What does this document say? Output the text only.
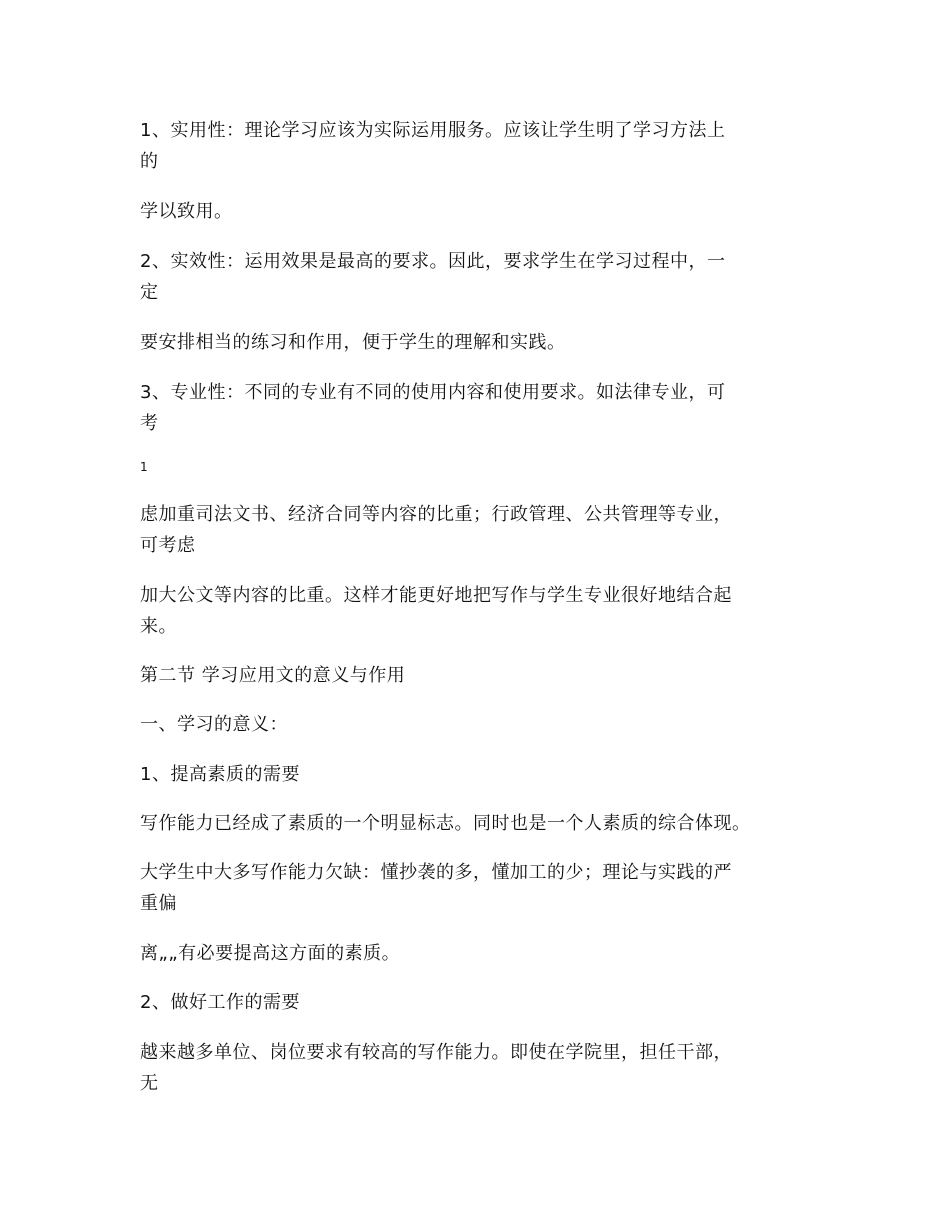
1、实用性：理论学习应该为实际运用服务。应该让学生明了学习方法上
的
学以致用。
2、实效性：运用效果是最高的要求。因此，要求学生在学习过程中，一
定
要安排相当的练习和作用，便于学生的理解和实践。
3、专业性：不同的专业有不同的使用内容和使用要求。如法律专业，可
考
1
虑加重司法文书、经济合同等内容的比重；行政管理、公共管理等专业，
可考虑
加大公文等内容的比重。这样才能更好地把写作与学生专业很好地结合起
来。
第二节 学习应用文的意义与作用
一、学习的意义：
1、提高素质的需要
写作能力已经成了素质的一个明显标志。同时也是一个人素质的综合体现。
大学生中大多写作能力欠缺：懂抄袭的多，懂加工的少；理论与实践的严
重偏
离„„有必要提高这方面的素质。
2、做好工作的需要
越来越多单位、岗位要求有较高的写作能力。即使在学院里，担任干部，
无
